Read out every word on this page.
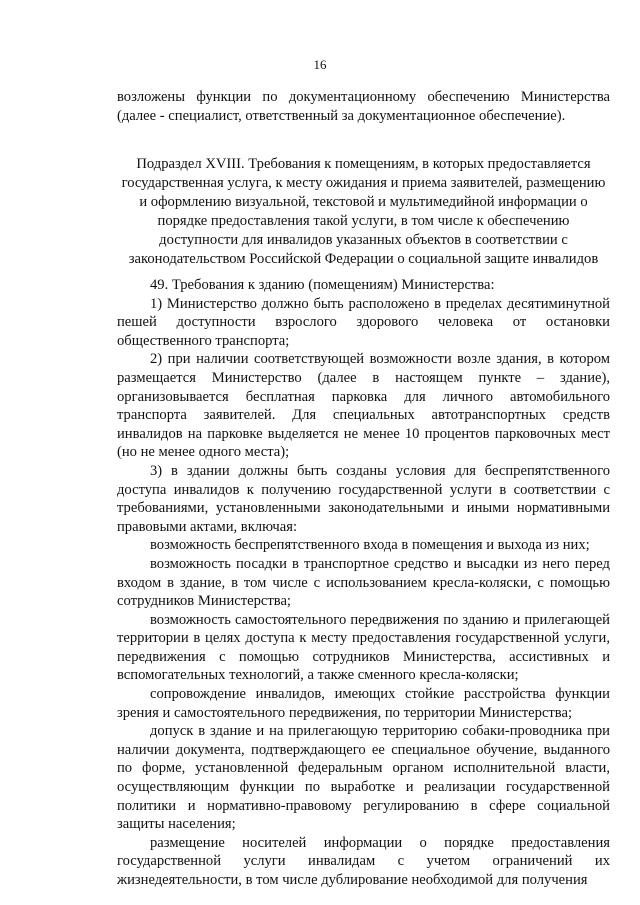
16

возложены функции по документационному обеспечению Министерства (далее - специалист, ответственный за документационное обеспечение).

Подраздел XVIII. Требования к помещениям, в которых предоставляется государственная услуга, к месту ожидания и приема заявителей, размещению и оформлению визуальной, текстовой и мультимедийной информации о порядке предоставления такой услуги, в том числе к обеспечению доступности для инвалидов указанных объектов в соответствии с законодательством Российской Федерации о социальной защите инвалидов

49. Требования к зданию (помещениям) Министерства:

1) Министерство должно быть расположено в пределах десятиминутной пешей доступности взрослого здорового человека от остановки общественного транспорта;

2) при наличии соответствующей возможности возле здания, в котором размещается Министерство (далее в настоящем пункте – здание), организовывается бесплатная парковка для личного автомобильного транспорта заявителей. Для специальных автотранспортных средств инвалидов на парковке выделяется не менее 10 процентов парковочных мест (но не менее одного места);

3) в здании должны быть созданы условия для беспрепятственного доступа инвалидов к получению государственной услуги в соответствии с требованиями, установленными законодательными и иными нормативными правовыми актами, включая:

возможность беспрепятственного входа в помещения и выхода из них;

возможность посадки в транспортное средство и высадки из него перед входом в здание, в том числе с использованием кресла-коляски, с помощью сотрудников Министерства;

возможность самостоятельного передвижения по зданию и прилегающей территории в целях доступа к месту предоставления государственной услуги, передвижения с помощью сотрудников Министерства, ассистивных и вспомогательных технологий, а также сменного кресла-коляски;

сопровождение инвалидов, имеющих стойкие расстройства функции зрения и самостоятельного передвижения, по территории Министерства;

допуск в здание и на прилегающую территорию собаки-проводника при наличии документа, подтверждающего ее специальное обучение, выданного по форме, установленной федеральным органом исполнительной власти, осуществляющим функции по выработке и реализации государственной политики и нормативно-правовому регулированию в сфере социальной защиты населения;

размещение носителей информации о порядке предоставления государственной услуги инвалидам с учетом ограничений их жизнедеятельности, в том числе дублирование необходимой для получения
